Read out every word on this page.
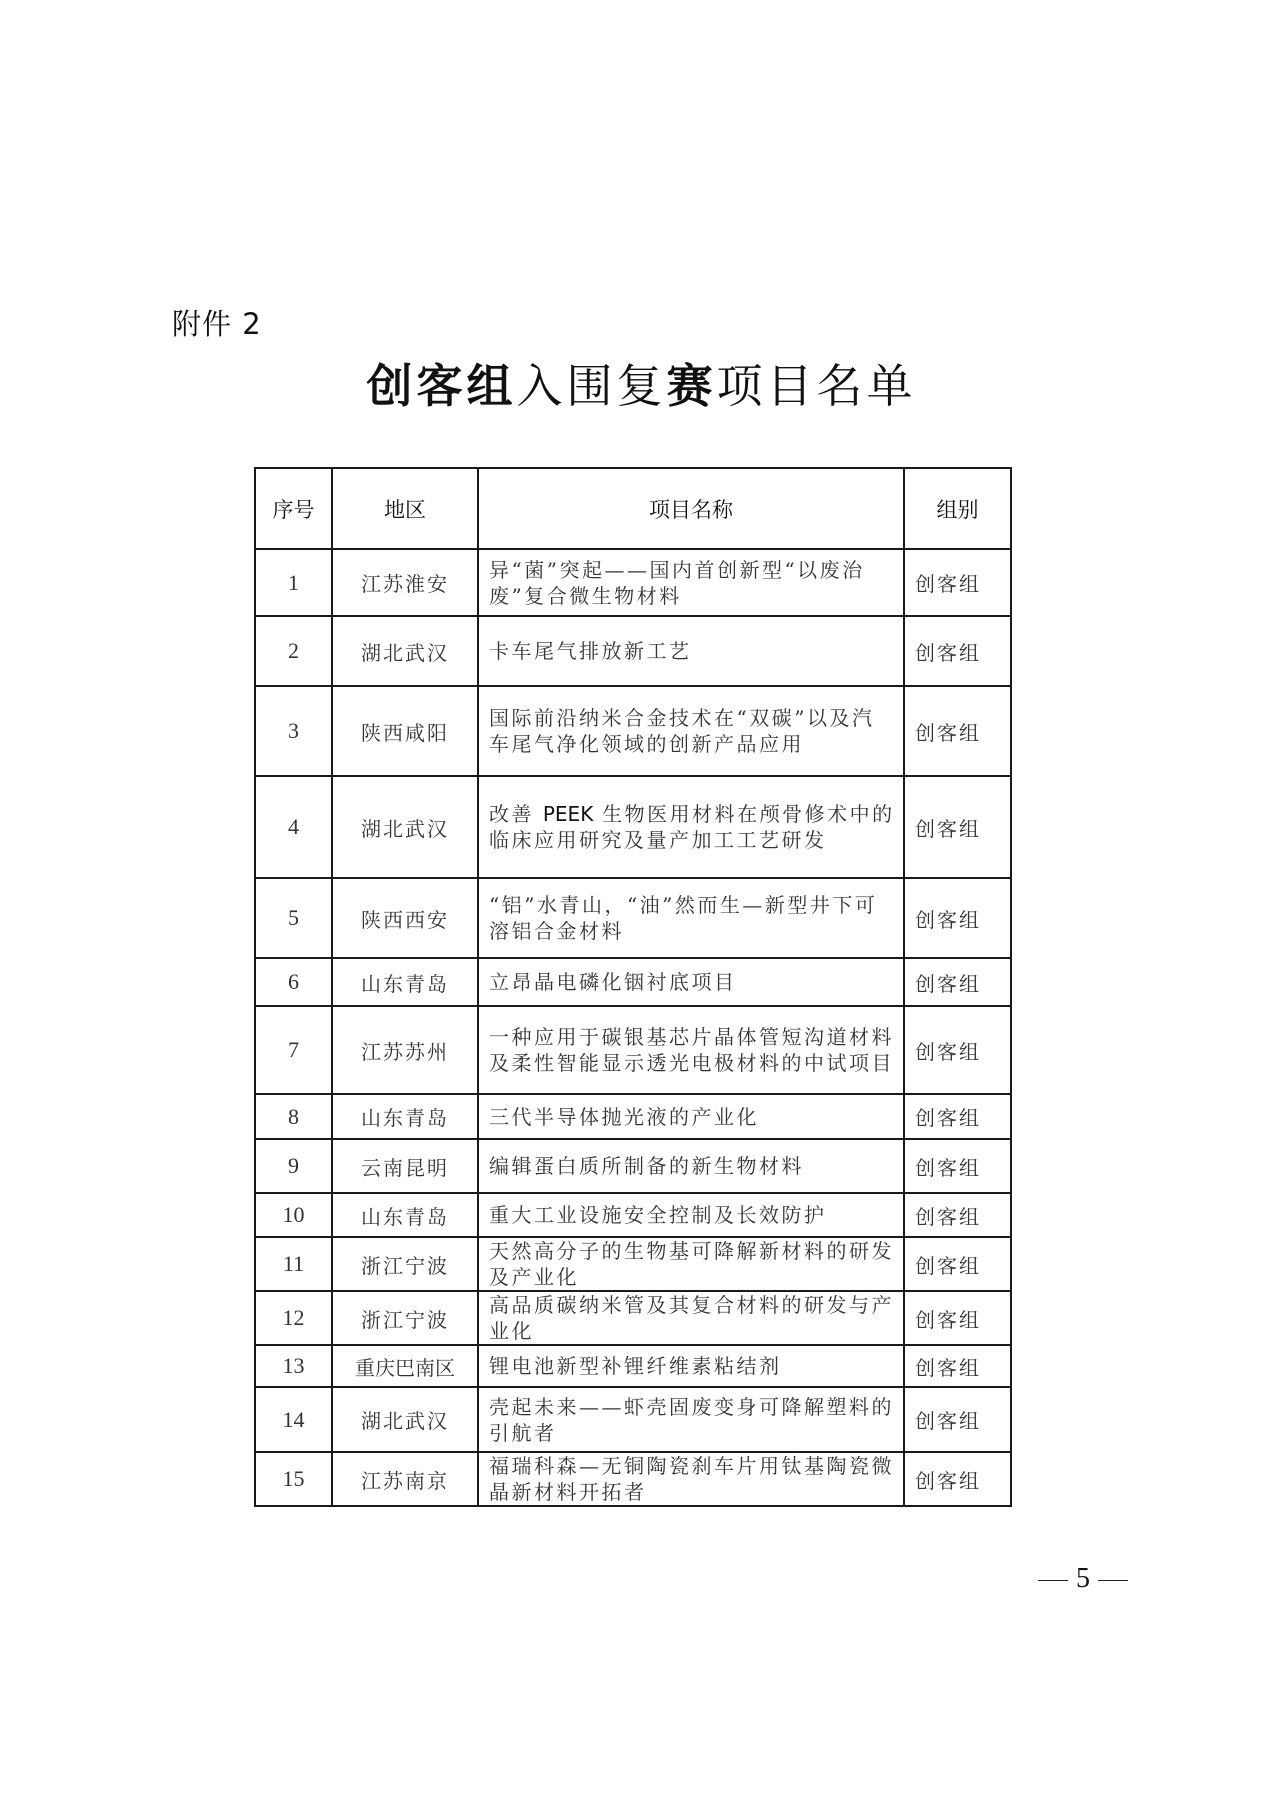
附件 2
创客组入围复赛项目名单
序号	地区	项目名称	组别
1	江苏淮安	异“菌”突起——国内首创新型“以废治废”复合微生物材料	创客组
2	湖北武汉	卡车尾气排放新工艺	创客组
3	陕西咸阳	国际前沿纳米合金技术在“双碳”以及汽车尾气净化领域的创新产品应用	创客组
4	湖北武汉	改善 PEEK 生物医用材料在颅骨修术中的临床应用研究及量产加工工艺研发	创客组
5	陕西西安	“铝”水青山，“油”然而生—新型井下可溶铝合金材料	创客组
6	山东青岛	立昂晶电磷化铟衬底项目	创客组
7	江苏苏州	一种应用于碳银基芯片晶体管短沟道材料及柔性智能显示透光电极材料的中试项目	创客组
8	山东青岛	三代半导体抛光液的产业化	创客组
9	云南昆明	编辑蛋白质所制备的新生物材料	创客组
10	山东青岛	重大工业设施安全控制及长效防护	创客组
11	浙江宁波	天然高分子的生物基可降解新材料的研发及产业化	创客组
12	浙江宁波	高品质碳纳米管及其复合材料的研发与产业化	创客组
13	重庆巴南区	锂电池新型补锂纤维素粘结剂	创客组
14	湖北武汉	壳起未来——虾壳固废变身可降解塑料的引航者	创客组
15	江苏南京	福瑞科森—无铜陶瓷刹车片用钛基陶瓷微晶新材料开拓者	创客组
5
